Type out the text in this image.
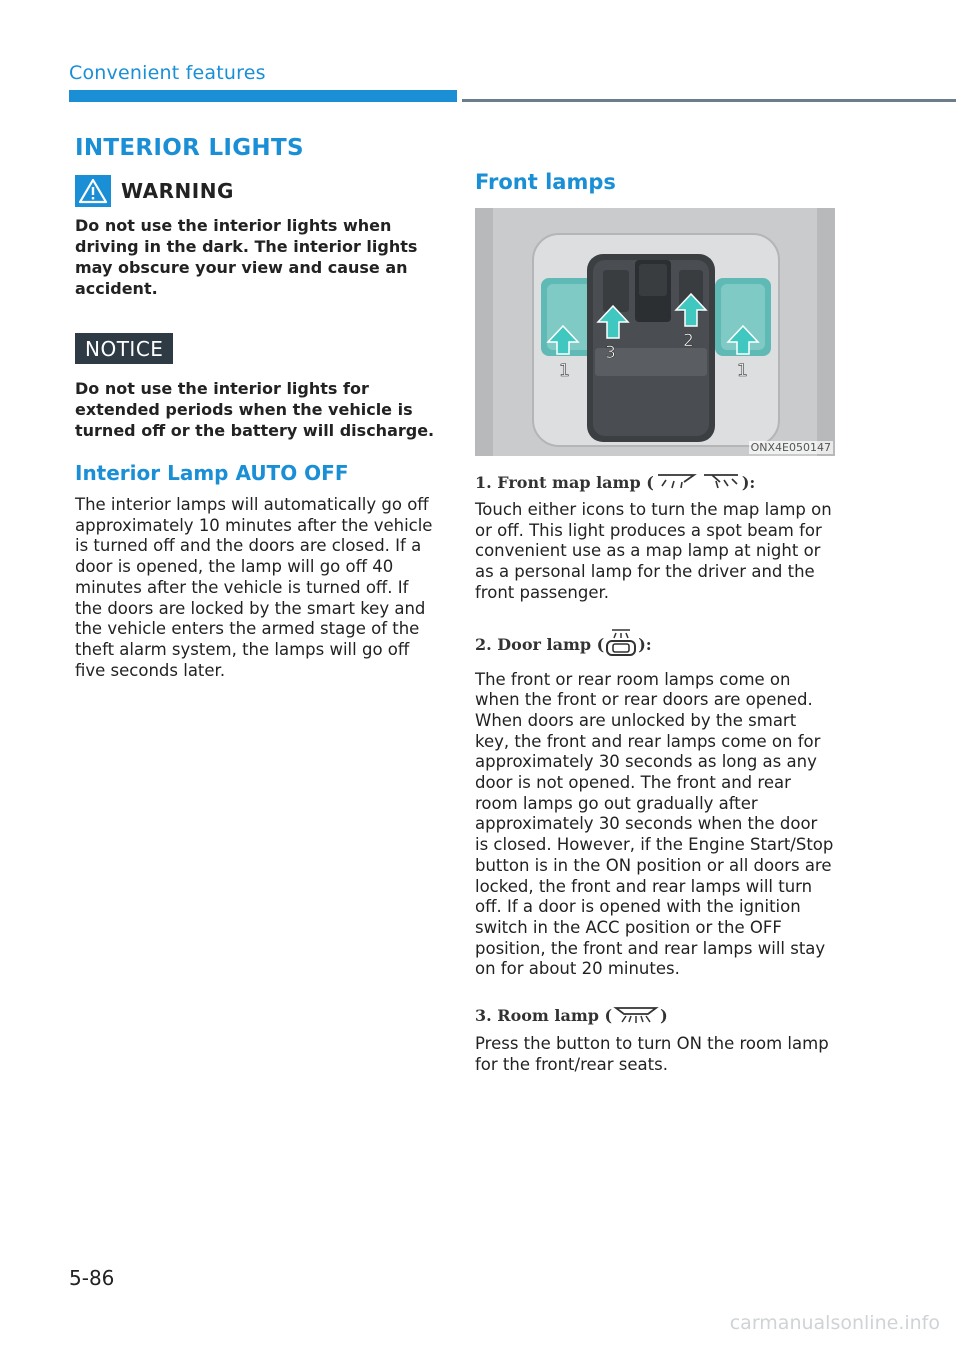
Convenient features
INTERIOR LIGHTS
WARNING

Do not use the interior lights when driving in the dark. The interior lights may obscure your view and cause an accident.

NOTICE

Do not use the interior lights for extended periods when the vehicle is turned off or the battery will discharge.

Interior Lamp AUTO OFF

The interior lamps will automatically go off approximately 10 minutes after the vehicle is turned off and the doors are closed. If a door is opened, the lamp will go off 40 minutes after the vehicle is turned off. If the doors are locked by the smart key and the vehicle enters the armed stage of the theft alarm system, the lamps will go off five seconds later.

Front lamps
1
3
2
1
ONX4E050147
1. Front map lamp (	):

Touch either icons to turn the map lamp on or off. This light produces a spot beam for convenient use as a map lamp at night or as a personal lamp for the driver and the front passenger.

2. Door lamp ( ):

The front or rear room lamps come on when the front or rear doors are opened. When doors are unlocked by the smart key, the front and rear lamps come on for approximately 30 seconds as long as any door is not opened. The front and rear room lamps go out gradually after approximately 30 seconds when the door is closed. However, if the Engine Start/Stop button is in the ON position or all doors are locked, the front and rear lamps will turn off. If a door is opened with the ignition switch in the ACC position or the OFF position, the front and rear lamps will stay on for about 20 minutes.

3. Room lamp (	)

Press the button to turn ON the room lamp for the front/rear seats.

5-86
carmanualsonline.info
